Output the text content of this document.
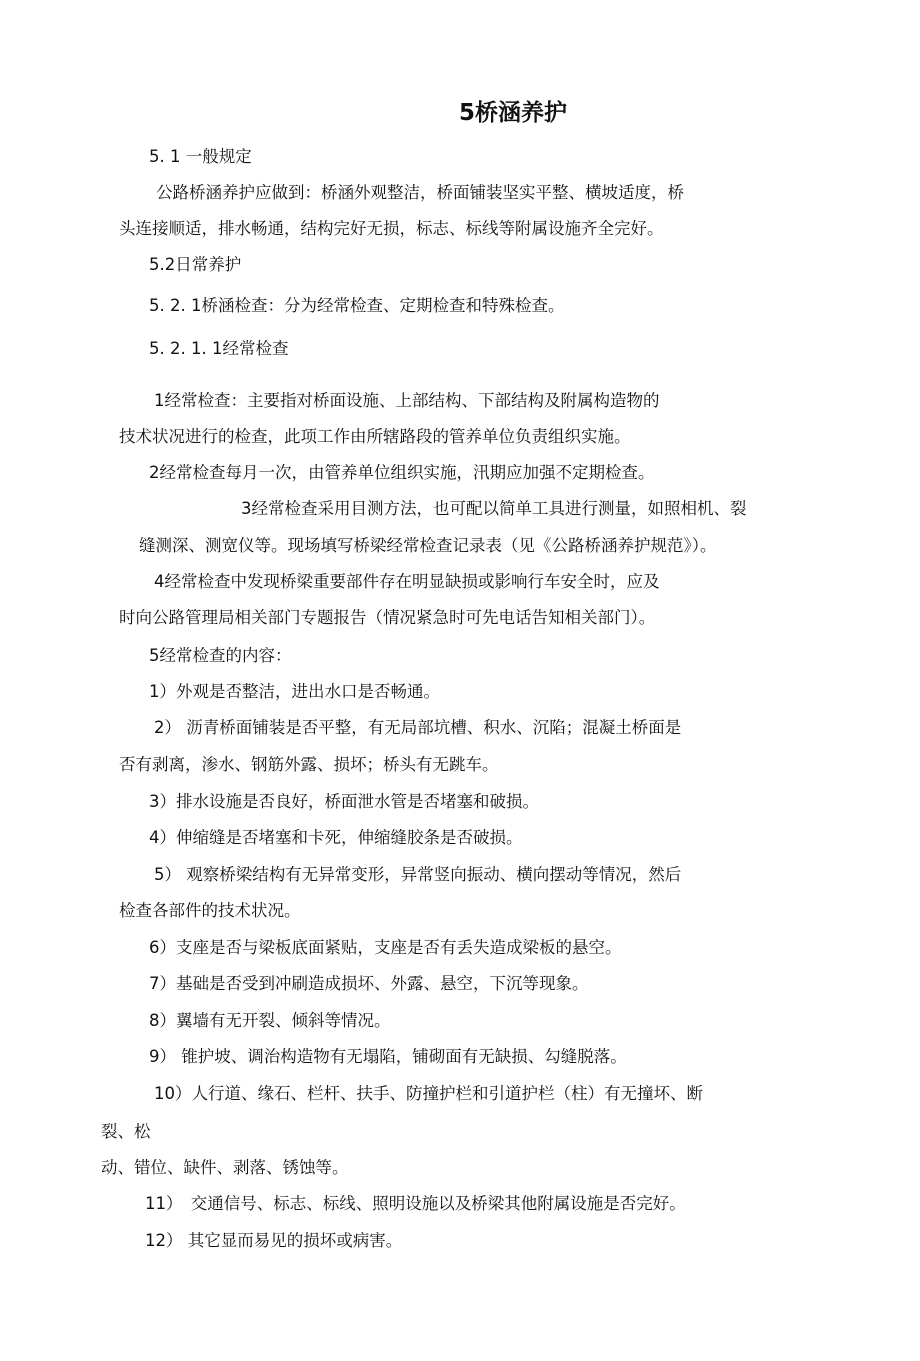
5桥涵养护
5. 1 一般规定
公路桥涵养护应做到：桥涵外观整洁，桥面铺装坚实平整、横坡适度，桥
头连接顺适，排水畅通，结构完好无损，标志、标线等附属设施齐全完好。
5.2日常养护
5. 2. 1桥涵检查：分为经常检查、定期检查和特殊检查。
5. 2. 1. 1经常检查
1经常检查：主要指对桥面设施、上部结构、下部结构及附属构造物的
技术状况进行的检查，此项工作由所辖路段的管养单位负责组织实施。
2经常检查每月一次，由管养单位组织实施，汛期应加强不定期检查。
3经常检查采用目测方法，也可配以简单工具进行测量，如照相机、裂
缝测深、测宽仪等。现场填写桥梁经常检查记录表（见《公路桥涵养护规范》）。
4经常检查中发现桥梁重要部件存在明显缺损或影响行车安全时，应及
时向公路管理局相关部门专题报告（情况紧急时可先电话告知相关部门）。
5经常检查的内容：
1）外观是否整洁，进出水口是否畅通。
2） 沥青桥面铺装是否平整，有无局部坑槽、积水、沉陷；混凝土桥面是
否有剥离，渗水、钢筋外露、损坏；桥头有无跳车。
3）排水设施是否良好，桥面泄水管是否堵塞和破损。
4）伸缩缝是否堵塞和卡死，伸缩缝胶条是否破损。
5） 观察桥梁结构有无异常变形，异常竖向振动、横向摆动等情况，然后
检查各部件的技术状况。
6）支座是否与梁板底面紧贴，支座是否有丢失造成梁板的悬空。
7）基础是否受到冲刷造成损坏、外露、悬空，下沉等现象。
8）翼墙有无开裂、倾斜等情况。
9） 锥护坡、调治构造物有无塌陷，铺砌面有无缺损、勾缝脱落。
10）人行道、缘石、栏杆、扶手、防撞护栏和引道护栏（柱）有无撞坏、断
裂、松
动、错位、缺件、剥落、锈蚀等。
11）　交通信号、标志、标线、照明设施以及桥梁其他附属设施是否完好。
12） 其它显而易见的损坏或病害。
